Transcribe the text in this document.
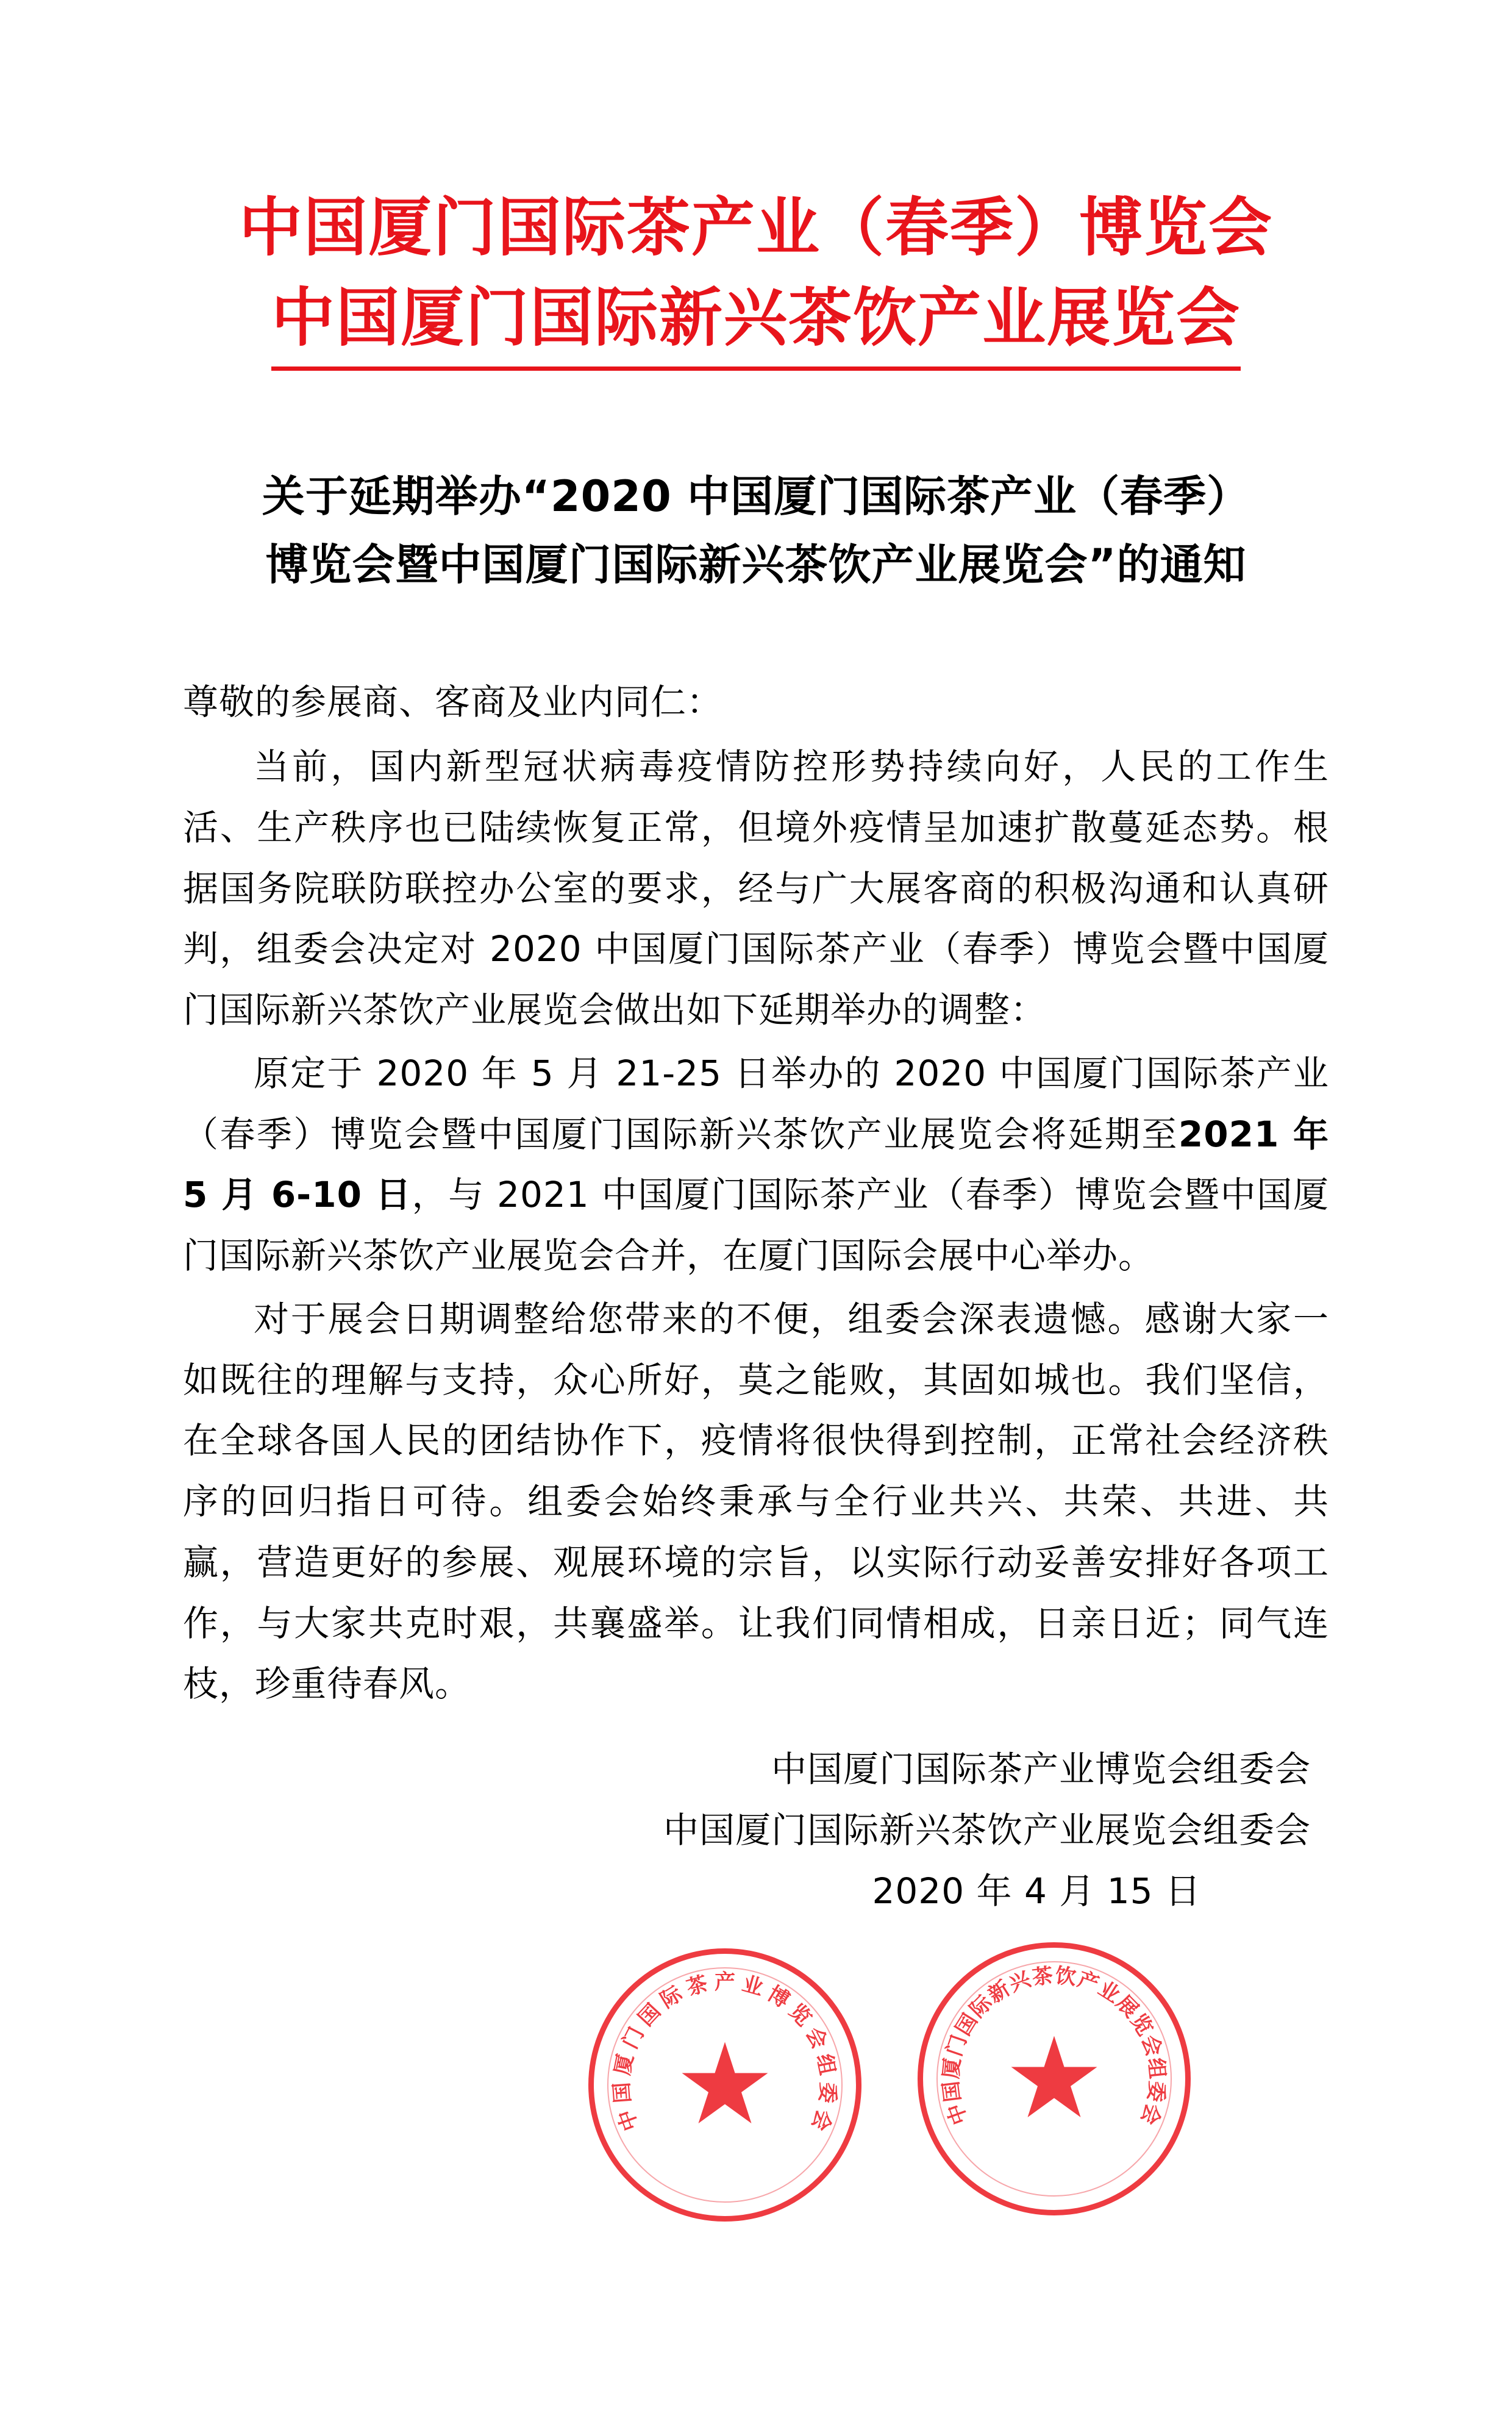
中国厦门国际茶产业（春季）博览会
中国厦门国际新兴茶饮产业展览会
关于延期举办“2020 中国厦门国际茶产业（春季）
博览会暨中国厦门国际新兴茶饮产业展览会”的通知
尊敬的参展商、客商及业内同仁：

当前，国内新型冠状病毒疫情防控形势持续向好，人民的工作生活、生产秩序也已陆续恢复正常，但境外疫情呈加速扩散蔓延态势。根据国务院联防联控办公室的要求，经与广大展客商的积极沟通和认真研判，组委会决定对 2020 中国厦门国际茶产业（春季）博览会暨中国厦门国际新兴茶饮产业展览会做出如下延期举办的调整：

原定于 2020 年 5 月 21-25 日举办的 2020 中国厦门国际茶产业（春季）博览会暨中国厦门国际新兴茶饮产业展览会将延期至2021 年 5 月 6-10 日，与 2021 中国厦门国际茶产业（春季）博览会暨中国厦门国际新兴茶饮产业展览会合并，在厦门国际会展中心举办。

对于展会日期调整给您带来的不便，组委会深表遗憾。感谢大家一如既往的理解与支持，众心所好，莫之能败，其固如城也。我们坚信，在全球各国人民的团结协作下，疫情将很快得到控制，正常社会经济秩序的回归指日可待。组委会始终秉承与全行业共兴、共荣、共进、共赢，营造更好的参展、观展环境的宗旨，以实际行动妥善安排好各项工作，与大家共克时艰，共襄盛举。让我们同情相成，日亲日近；同气连枝，珍重待春风。

中国厦门国际茶产业博览会组委会
中国厦门国际新兴茶饮产业展览会组委会
2020 年 4 月 15 日
中
国
厦
门
国
际
茶 产 业
博
览
会
组
委
会	中
国
厦
门
国
际
新
兴
茶 饮
产
业
展
览
会
组
委
会
